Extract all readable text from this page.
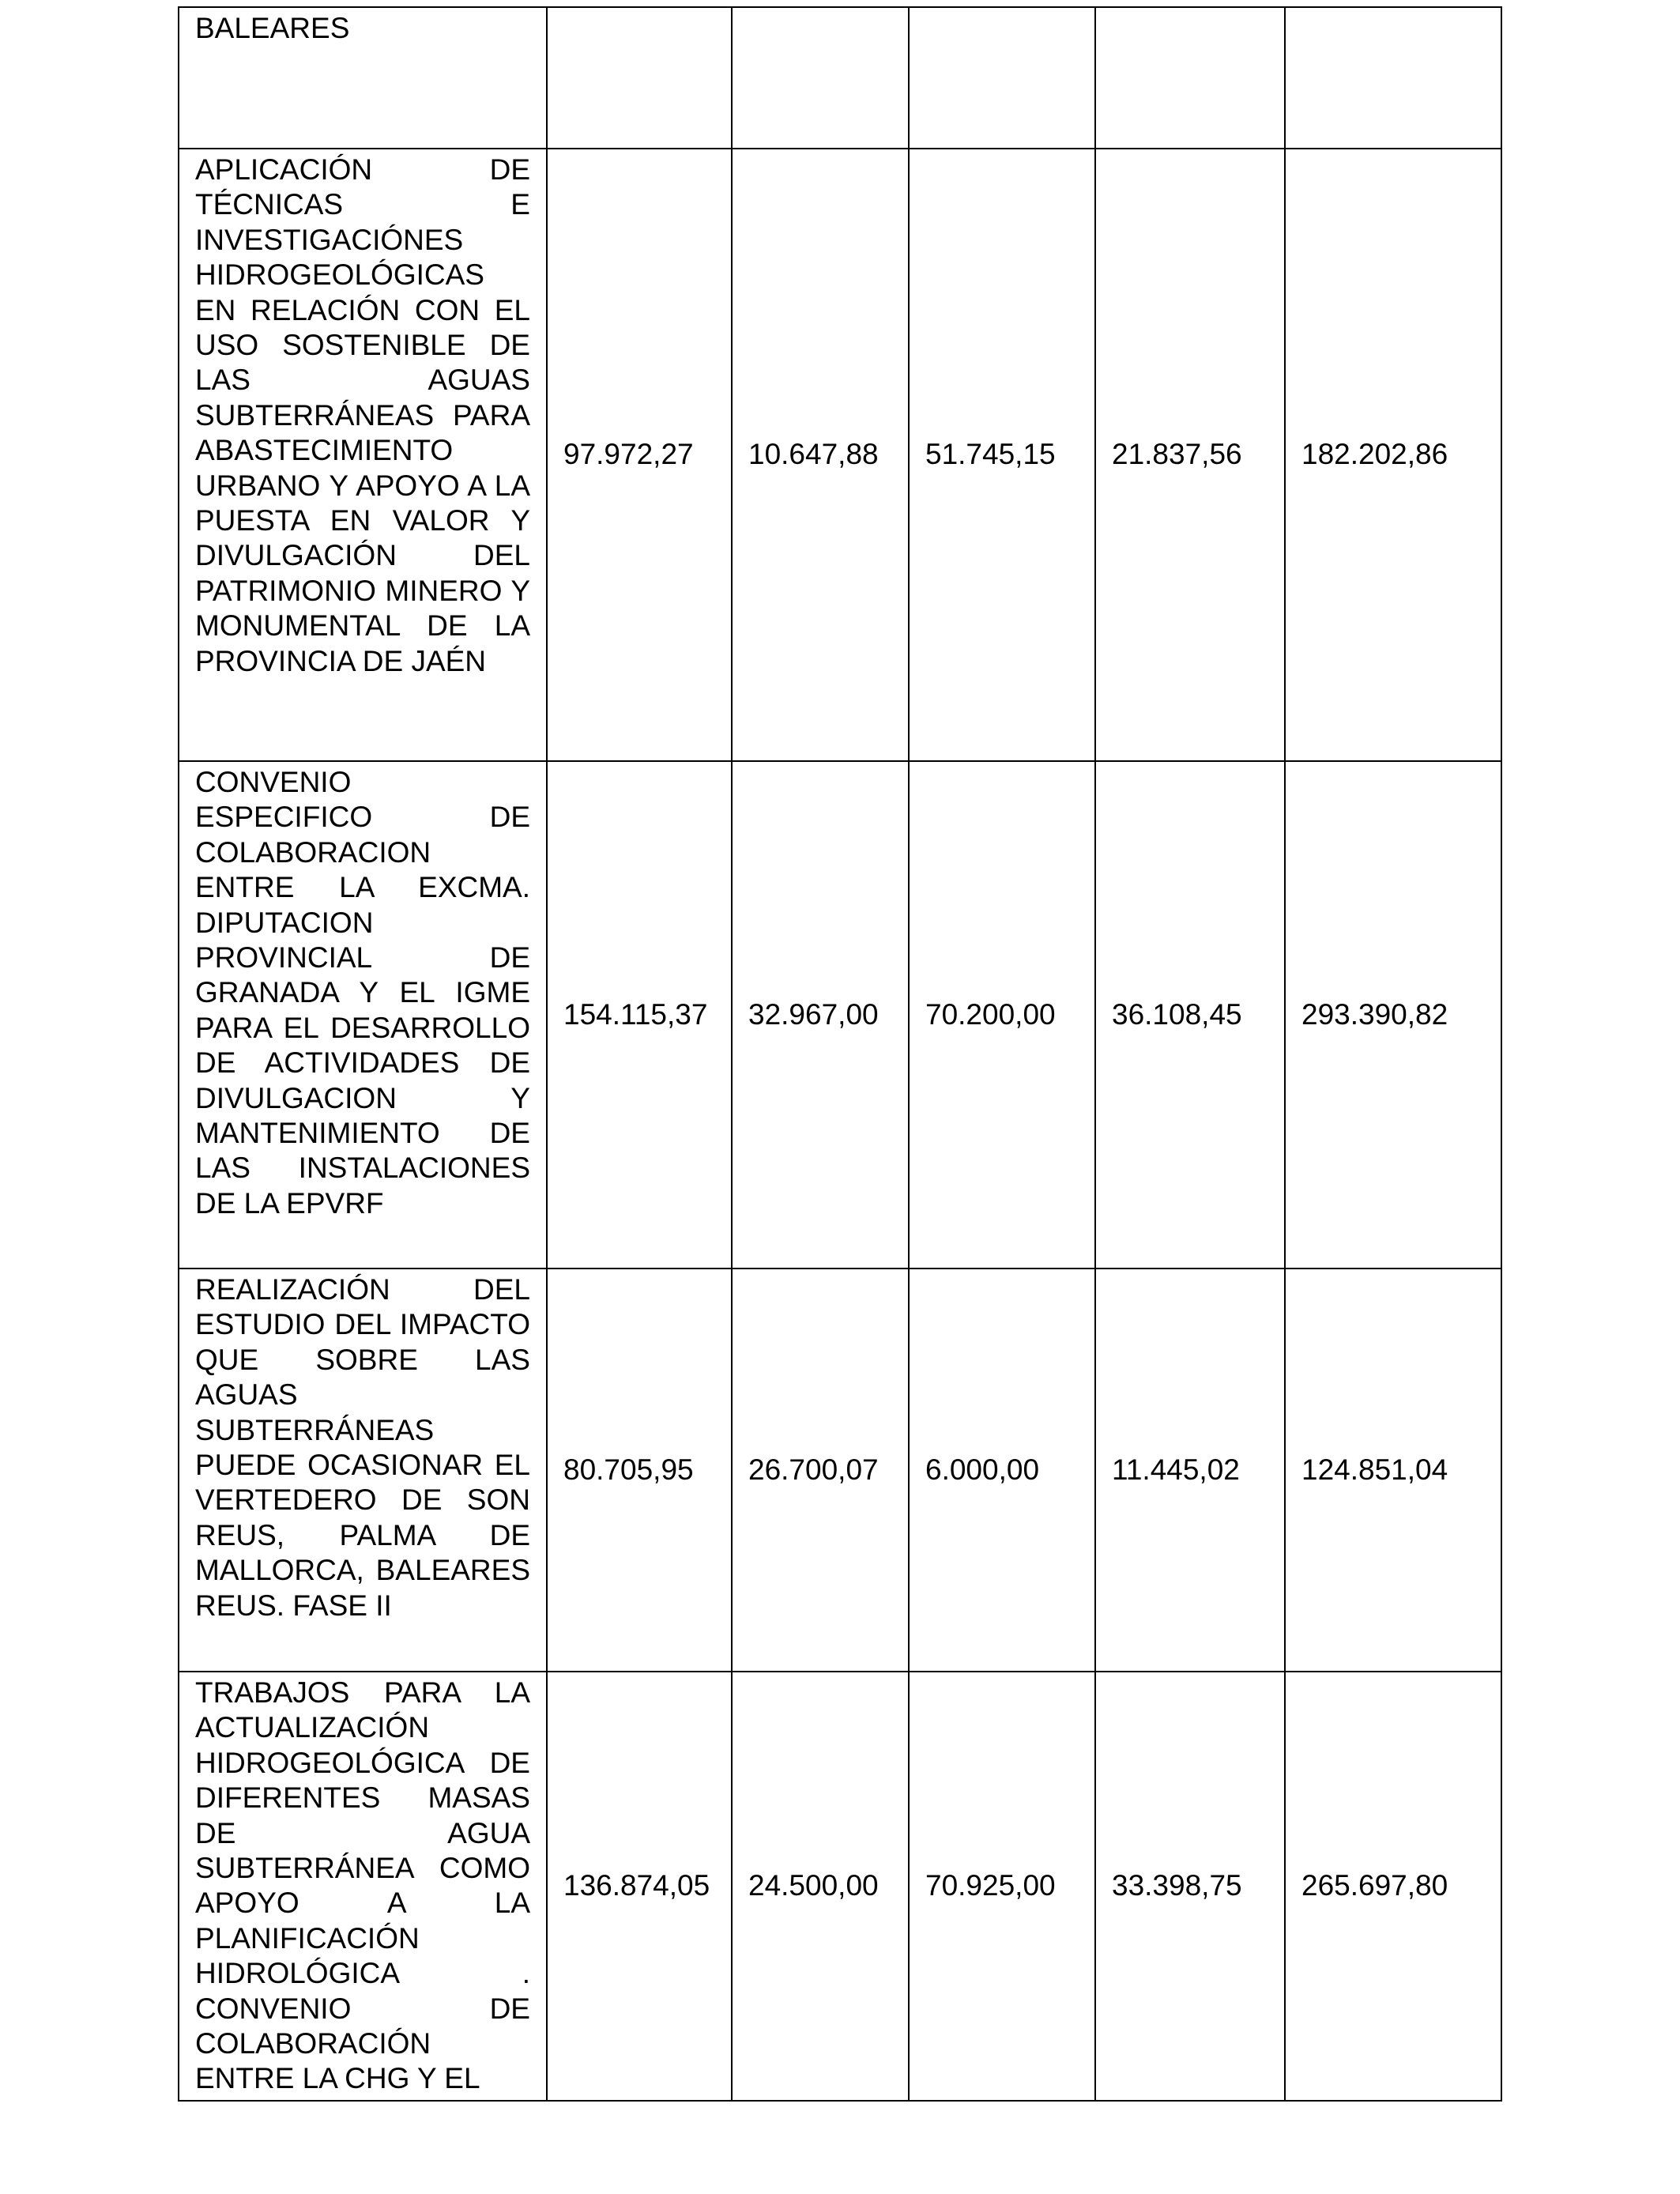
BALEARES					

APLICACIÓN DE TÉCNICAS E INVESTIGACIÓNES HIDROGEOLÓGICAS EN RELACIÓN CON EL USO SOSTENIBLE DE LAS AGUAS SUBTERRÁNEAS PARA ABASTECIMIENTO URBANO Y APOYO A LA PUESTA EN VALOR Y DIVULGACIÓN DEL PATRIMONIO MINERO Y MONUMENTAL DE LA PROVINCIA DE JAÉN	97.972,27	10.647,88	51.745,15	21.837,56	182.202,86

CONVENIO ESPECIFICO DE COLABORACION ENTRE LA EXCMA. DIPUTACION PROVINCIAL DE GRANADA Y EL IGME PARA EL DESARROLLO DE ACTIVIDADES DE DIVULGACION Y MANTENIMIENTO DE LAS INSTALACIONES DE LA EPVRF	154.115,37	32.967,00	70.200,00	36.108,45	293.390,82

REALIZACIÓN DEL ESTUDIO DEL IMPACTO QUE SOBRE LAS AGUAS SUBTERRÁNEAS PUEDE OCASIONAR EL VERTEDERO DE SON REUS, PALMA DE MALLORCA, BALEARES REUS. FASE II	80.705,95	26.700,07	6.000,00	11.445,02	124.851,04

TRABAJOS PARA LA ACTUALIZACIÓN HIDROGEOLÓGICA DE DIFERENTES MASAS DE AGUA SUBTERRÁNEA COMO APOYO A LA PLANIFICACIÓN HIDROLÓGICA . CONVENIO DE COLABORACIÓN ENTRE LA CHG Y EL	136.874,05	24.500,00	70.925,00	33.398,75	265.697,80
